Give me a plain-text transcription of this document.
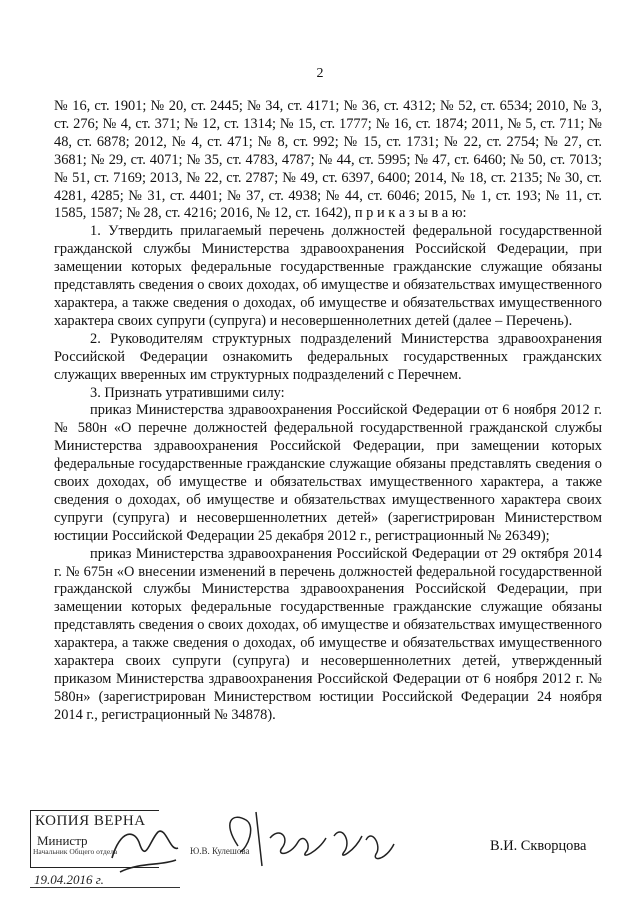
2

№ 16, ст. 1901; № 20, ст. 2445; № 34, ст. 4171; № 36, ст. 4312; № 52, ст. 6534; 2010, № 3, ст. 276; № 4, ст. 371; № 12, ст. 1314; № 15, ст. 1777; № 16, ст. 1874; 2011, № 5, ст. 711; № 48, ст. 6878; 2012, № 4, ст. 471; № 8, ст. 992; № 15, ст. 1731; № 22, ст. 2754; № 27, ст. 3681; № 29, ст. 4071; № 35, ст. 4783, 4787; № 44, ст. 5995; № 47, ст. 6460; № 50, ст. 7013; № 51, ст. 7169; 2013, № 22, ст. 2787; № 49, ст. 6397, 6400; 2014, № 18, ст. 2135; № 30, ст. 4281, 4285; № 31, ст. 4401; № 37, ст. 4938; № 44, ст. 6046; 2015, № 1, ст. 193; № 11, ст. 1585, 1587; № 28, ст. 4216; 2016, № 12, ст. 1642), п р и к а з ы в а ю:

1. Утвердить прилагаемый перечень должностей федеральной государственной гражданской службы Министерства здравоохранения Российской Федерации, при замещении которых федеральные государственные гражданские служащие обязаны представлять сведения о своих доходах, об имуществе и обязательствах имущественного характера, а также сведения о доходах, об имуществе и обязательствах имущественного характера своих супруги (супруга) и несовершеннолетних детей (далее – Перечень).

2. Руководителям структурных подразделений Министерства здравоохранения Российской Федерации ознакомить федеральных государственных гражданских служащих вверенных им структурных подразделений с Перечнем.

3. Признать утратившими силу:

приказ Министерства здравоохранения Российской Федерации от 6 ноября 2012 г. № 580н «О перечне должностей федеральной государственной гражданской службы Министерства здравоохранения Российской Федерации, при замещении которых федеральные государственные гражданские служащие обязаны представлять сведения о своих доходах, об имуществе и обязательствах имущественного характера, а также сведения о доходах, об имуществе и обязательствах имущественного характера своих супруги (супруга) и несовершеннолетних детей» (зарегистрирован Министерством юстиции Российской Федерации 25 декабря 2012 г., регистрационный № 26349);

приказ Министерства здравоохранения Российской Федерации от 29 октября 2014 г. № 675н «О внесении изменений в перечень должностей федеральной государственной гражданской службы Министерства здравоохранения Российской Федерации, при замещении которых федеральные государственные гражданские служащие обязаны представлять сведения о своих доходах, об имуществе и обязательствах имущественного характера, а также сведения о доходах, об имуществе и обязательствах имущественного характера своих супруги (супруга) и несовершеннолетних детей, утвержденный приказом Министерства здравоохранения Российской Федерации от 6 ноября 2012 г. № 580н» (зарегистрирован Министерством юстиции Российской Федерации 24 ноября 2014 г., регистрационный № 34878).

КОПИЯ ВЕРНА
Министр
Начальник Общего отдела	Ю.В. Кулешова
19.04.2016 г.
В.И. Скворцова
